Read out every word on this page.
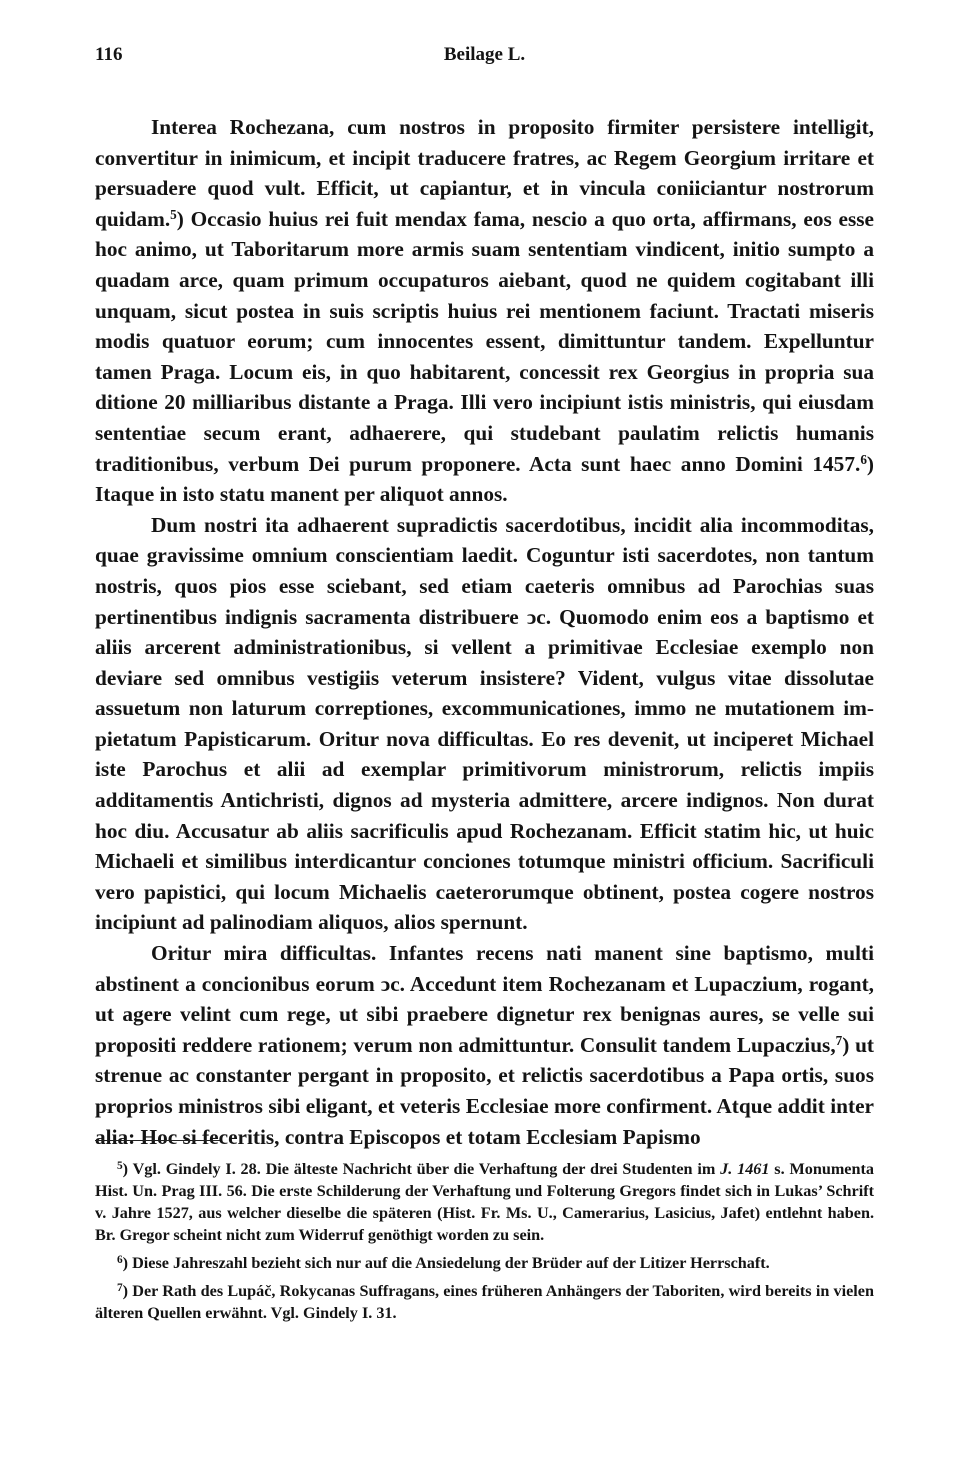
116	Beilage L.

Interea Rochezana, cum nostros in proposito firmiter persistere intelligit, convertitur in inimicum, et incipit traducere fratres, ac Regem Georgium irritare et persuadere quod vult. Efficit, ut capiantur, et in vincula coniiciantur nostrorum quidam.$^5$) Occasio huius rei fuit mendax fama, nescio a quo orta, affirmans, eos esse hoc animo, ut Taboritarum more armis suam sententiam vindicent, initio sumpto a quadam arce, quam primum occupaturos aiebant, quod ne quidem cogitabant illi unquam, sicut postea in suis scriptis huius rei mentionem faciunt. Tractati miseris modis quatuor eorum; cum innocentes essent, dimittuntur tandem. Expelluntur tamen Praga. Locum eis, in quo habitarent, concessit rex Georgius in propria sua ditione 20 milliaribus distante a Praga. Illi vero incipiunt istis ministris, qui eiusdam sententiae secum erant, adhaerere, qui studebant paulatim relictis humanis traditionibus, verbum Dei purum proponere. Acta sunt haec anno Domini 1457.$^6$) Itaque in isto statu manent per aliquot annos.

Dum nostri ita adhaerent supradictis sacerdotibus, incidit alia incommoditas, quae gravissime omnium conscientiam laedit. Coguntur isti sacerdotes, non tantum nostris, quos pios esse sciebant, sed etiam caeteris omnibus ad Parochias suas pertinentibus indignis sacramenta distribuere ↄc. Quomodo enim eos a baptismo et aliis arcerent administrationibus, si vellent a primitivae Ecclesiae exemplo non deviare sed omnibus vestigiis veterum insistere? Vident, vulgus vitae dissolutae assuetum non laturum correptiones, excommunicationes, immo ne mutationem impietatum Papisticarum. Oritur nova difficultas. Eo res devenit, ut inciperet Michael iste Parochus et alii ad exemplar primitivorum ministrorum, relictis impiis additamentis Antichristi, dignos ad mysteria admittere, arcere indignos. Non durat hoc diu. Accusatur ab aliis sacrificulis apud Rochezanam. Efficit statim hic, ut huic Michaeli et similibus interdicantur conciones totumque ministri officium. Sacrificuli vero papistici, qui locum Michaelis caeterorumque obtinent, postea cogere nostros incipiunt ad palinodiam aliquos, alios spernunt.

Oritur mira difficultas. Infantes recens nati manent sine baptismo, multi abstinent a concionibus eorum ↄc. Accedunt item Rochezanam et Lupaczium, rogant, ut agere velint cum rege, ut sibi praebere dignetur rex benignas aures, se velle sui propositi reddere rationem; verum non admittuntur. Consulit tandem Lupaczius,$^7$) ut strenue ac constanter pergant in proposito, et relictis sacerdotibus a Papa ortis, suos proprios ministros sibi eligant, et veteris Ecclesiae more confirment. Atque addit inter alia: Hoc si feceritis, contra Episcopos et totam Ecclesiam Papismo

$^5$) Vgl. Gindely I. 28. Die älteste Nachricht über die Verhaftung der drei Studenten im J. 1461 s. Monumenta Hist. Un. Prag III. 56. Die erste Schilderung der Verhaftung und Folterung Gregors findet sich in Lukas’ Schrift v. Jahre 1527, aus welcher dieselbe die späteren (Hist. Fr. Ms. U., Camerarius, Lasicius, Jafet) entlehnt haben. Br. Gregor scheint nicht zum Widerruf genöthigt worden zu sein.

$^6$) Diese Jahreszahl bezieht sich nur auf die Ansiedelung der Brüder auf der Litizer Herrschaft.

$^7$) Der Rath des Lupáč, Rokycanas Suffragans, eines früheren Anhängers der Taboriten, wird bereits in vielen älteren Quellen erwähnt. Vgl. Gindely I. 31.
